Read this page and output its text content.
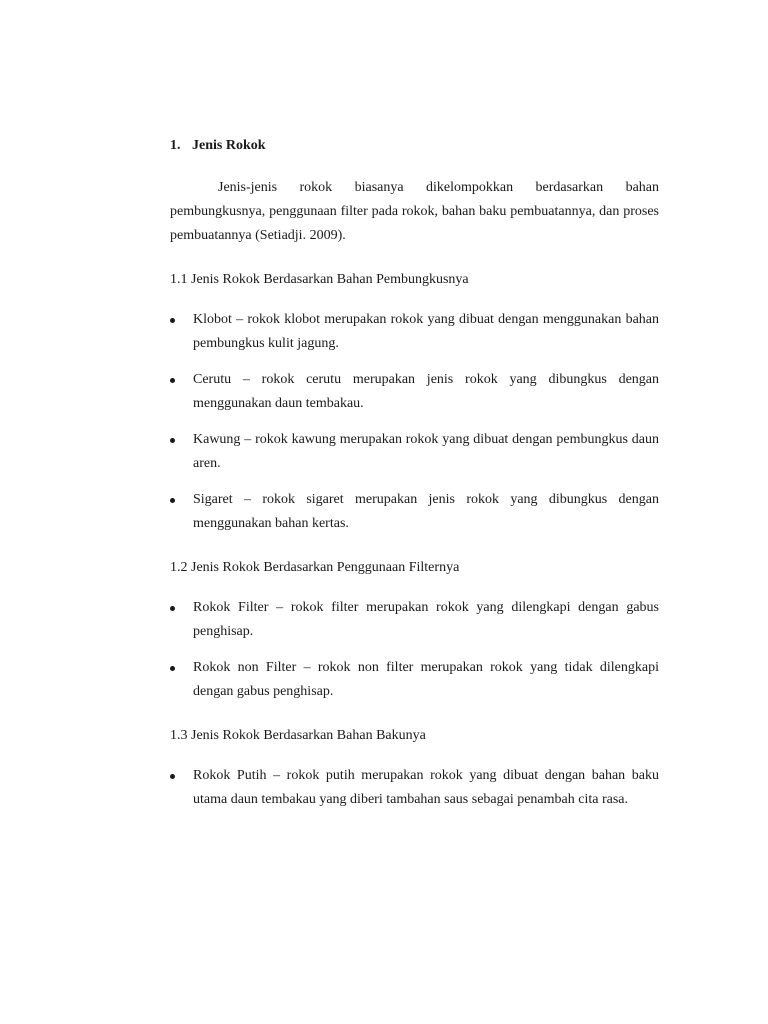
1. Jenis Rokok

Jenis-jenis rokok biasanya dikelompokkan berdasarkan bahan pembungkusnya, penggunaan filter pada rokok, bahan baku pembuatannya, dan proses pembuatannya (Setiadji. 2009).

1.1 Jenis Rokok Berdasarkan Bahan Pembungkusnya
Klobot – rokok klobot merupakan rokok yang dibuat dengan menggunakan bahan pembungkus kulit jagung.
Cerutu – rokok cerutu merupakan jenis rokok yang dibungkus dengan menggunakan daun tembakau.
Kawung – rokok kawung merupakan rokok yang dibuat dengan pembungkus daun aren.
Sigaret – rokok sigaret merupakan jenis rokok yang dibungkus dengan menggunakan bahan kertas.
1.2 Jenis Rokok Berdasarkan Penggunaan Filternya
Rokok Filter – rokok filter merupakan rokok yang dilengkapi dengan gabus penghisap.
Rokok non Filter – rokok non filter merupakan rokok yang tidak dilengkapi dengan gabus penghisap.
1.3 Jenis Rokok Berdasarkan Bahan Bakunya
Rokok Putih – rokok putih merupakan rokok yang dibuat dengan bahan baku utama daun tembakau yang diberi tambahan saus sebagai penambah cita rasa.
